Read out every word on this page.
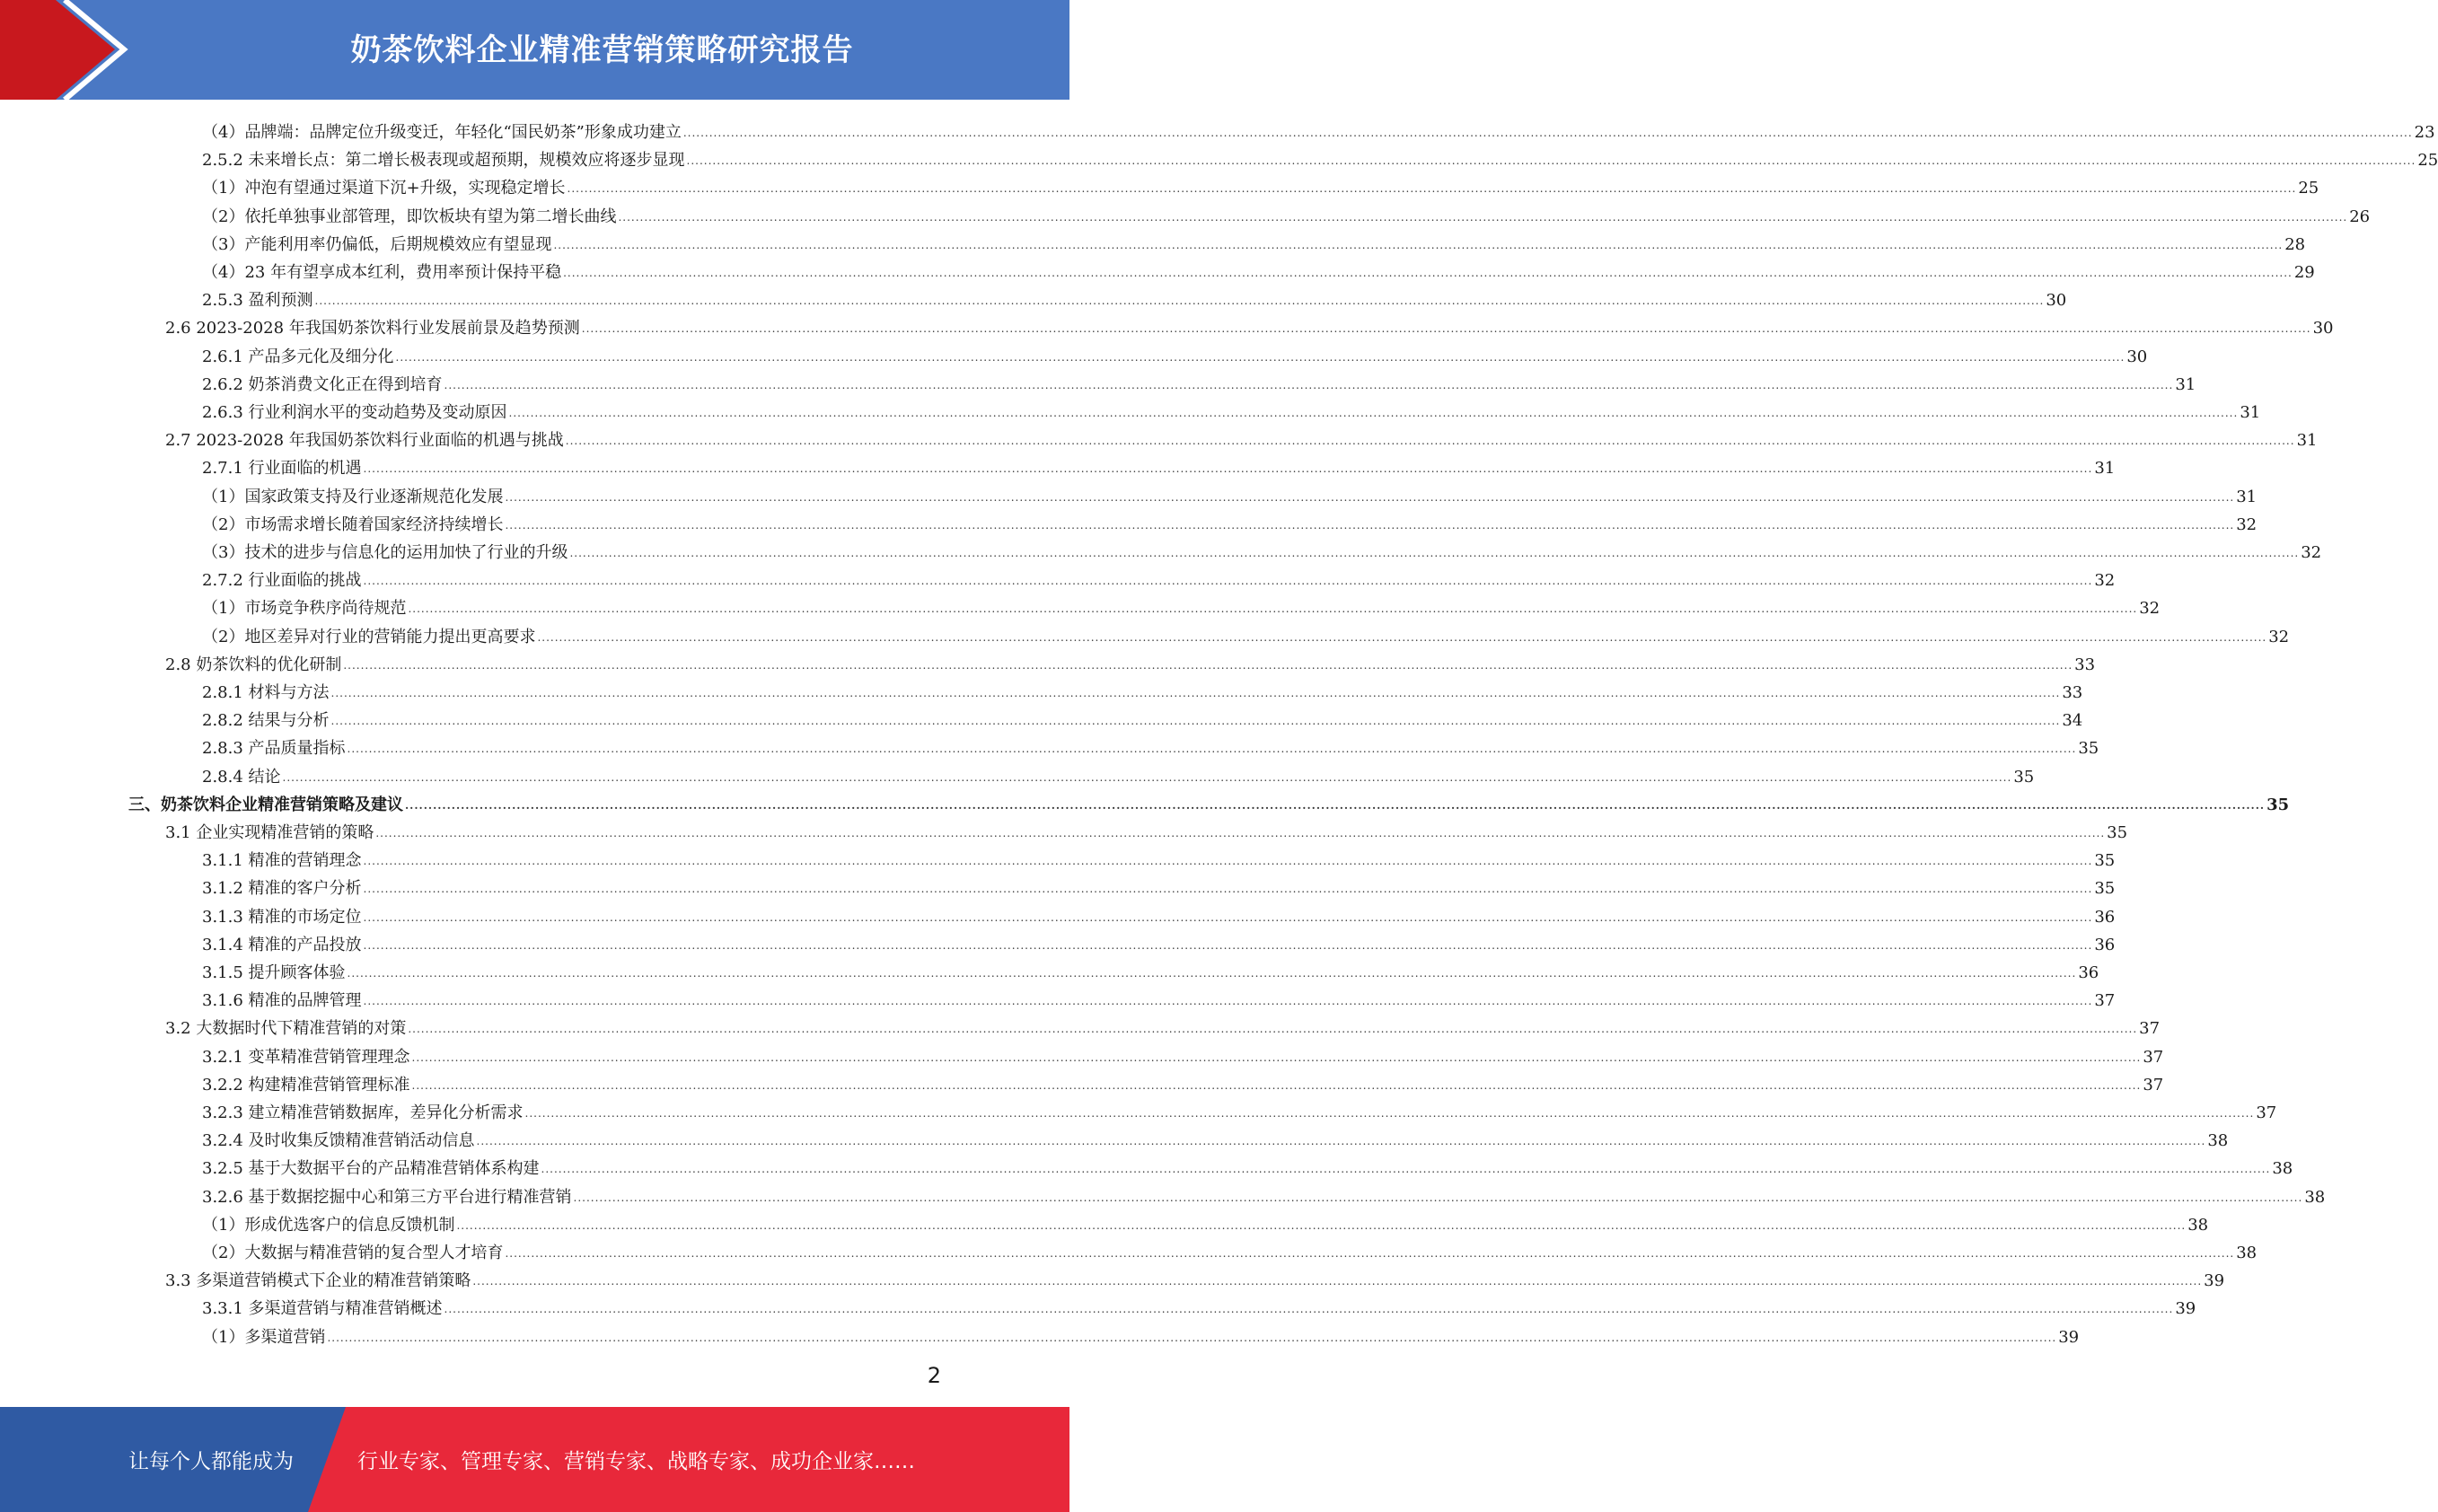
奶茶饮料企业精准营销策略研究报告
（4）品牌端：品牌定位升级变迁，年轻化“国民奶茶”形象成功建立 ................................................................................................................................................................................................................................................................................................................................................................................................................ 23
2.5.2 未来增长点：第二增长极表现或超预期，规模效应将逐步显现 ................................................................................................................................................................................................................................................................................................................................................................................................................ 25
（1）冲泡有望通过渠道下沉+升级，实现稳定增长 ................................................................................................................................................................................................................................................................................................................................................................................................................ 25
（2）依托单独事业部管理，即饮板块有望为第二增长曲线 ................................................................................................................................................................................................................................................................................................................................................................................................................ 26
（3）产能利用率仍偏低，后期规模效应有望显现 ................................................................................................................................................................................................................................................................................................................................................................................................................ 28
（4）23 年有望享成本红利，费用率预计保持平稳 ................................................................................................................................................................................................................................................................................................................................................................................................................ 29
2.5.3 盈利预测 ................................................................................................................................................................................................................................................................................................................................................................................................................ 30
2.6 2023-2028 年我国奶茶饮料行业发展前景及趋势预测 ................................................................................................................................................................................................................................................................................................................................................................................................................ 30
2.6.1 产品多元化及细分化 ................................................................................................................................................................................................................................................................................................................................................................................................................ 30
2.6.2 奶茶消费文化正在得到培育 ................................................................................................................................................................................................................................................................................................................................................................................................................ 31
2.6.3 行业利润水平的变动趋势及变动原因 ................................................................................................................................................................................................................................................................................................................................................................................................................ 31
2.7 2023-2028 年我国奶茶饮料行业面临的机遇与挑战 ................................................................................................................................................................................................................................................................................................................................................................................................................ 31
2.7.1 行业面临的机遇 ................................................................................................................................................................................................................................................................................................................................................................................................................ 31
（1）国家政策支持及行业逐渐规范化发展 ................................................................................................................................................................................................................................................................................................................................................................................................................ 31
（2）市场需求增长随着国家经济持续增长 ................................................................................................................................................................................................................................................................................................................................................................................................................ 32
（3）技术的进步与信息化的运用加快了行业的升级 ................................................................................................................................................................................................................................................................................................................................................................................................................ 32
2.7.2 行业面临的挑战 ................................................................................................................................................................................................................................................................................................................................................................................................................ 32
（1）市场竞争秩序尚待规范 ................................................................................................................................................................................................................................................................................................................................................................................................................ 32
（2）地区差异对行业的营销能力提出更高要求 ................................................................................................................................................................................................................................................................................................................................................................................................................ 32
2.8 奶茶饮料的优化研制 ................................................................................................................................................................................................................................................................................................................................................................................................................ 33
2.8.1 材料与方法 ................................................................................................................................................................................................................................................................................................................................................................................................................ 33
2.8.2 结果与分析 ................................................................................................................................................................................................................................................................................................................................................................................................................ 34
2.8.3 产品质量指标 ................................................................................................................................................................................................................................................................................................................................................................................................................ 35
2.8.4 结论 ................................................................................................................................................................................................................................................................................................................................................................................................................ 35
三、奶茶饮料企业精准营销策略及建议 ................................................................................................................................................................................................................................................................................................................................................................................................................ 35
3.1 企业实现精准营销的策略 ................................................................................................................................................................................................................................................................................................................................................................................................................ 35
3.1.1 精准的营销理念 ................................................................................................................................................................................................................................................................................................................................................................................................................ 35
3.1.2 精准的客户分析 ................................................................................................................................................................................................................................................................................................................................................................................................................ 35
3.1.3 精准的市场定位 ................................................................................................................................................................................................................................................................................................................................................................................................................ 36
3.1.4 精准的产品投放 ................................................................................................................................................................................................................................................................................................................................................................................................................ 36
3.1.5 提升顾客体验 ................................................................................................................................................................................................................................................................................................................................................................................................................ 36
3.1.6 精准的品牌管理 ................................................................................................................................................................................................................................................................................................................................................................................................................ 37
3.2 大数据时代下精准营销的对策 ................................................................................................................................................................................................................................................................................................................................................................................................................ 37
3.2.1 变革精准营销管理理念 ................................................................................................................................................................................................................................................................................................................................................................................................................ 37
3.2.2 构建精准营销管理标准 ................................................................................................................................................................................................................................................................................................................................................................................................................ 37
3.2.3 建立精准营销数据库，差异化分析需求 ................................................................................................................................................................................................................................................................................................................................................................................................................ 37
3.2.4 及时收集反馈精准营销活动信息 ................................................................................................................................................................................................................................................................................................................................................................................................................ 38
3.2.5 基于大数据平台的产品精准营销体系构建 ................................................................................................................................................................................................................................................................................................................................................................................................................ 38
3.2.6 基于数据挖掘中心和第三方平台进行精准营销 ................................................................................................................................................................................................................................................................................................................................................................................................................ 38
（1）形成优选客户的信息反馈机制 ................................................................................................................................................................................................................................................................................................................................................................................................................ 38
（2）大数据与精准营销的复合型人才培育 ................................................................................................................................................................................................................................................................................................................................................................................................................ 38
3.3 多渠道营销模式下企业的精准营销策略 ................................................................................................................................................................................................................................................................................................................................................................................................................ 39
3.3.1 多渠道营销与精准营销概述 ................................................................................................................................................................................................................................................................................................................................................................................................................ 39
（1）多渠道营销 ................................................................................................................................................................................................................................................................................................................................................................................................................ 39
2
让每个人都能成为	行业专家、管理专家、营销专家、战略专家、成功企业家……
